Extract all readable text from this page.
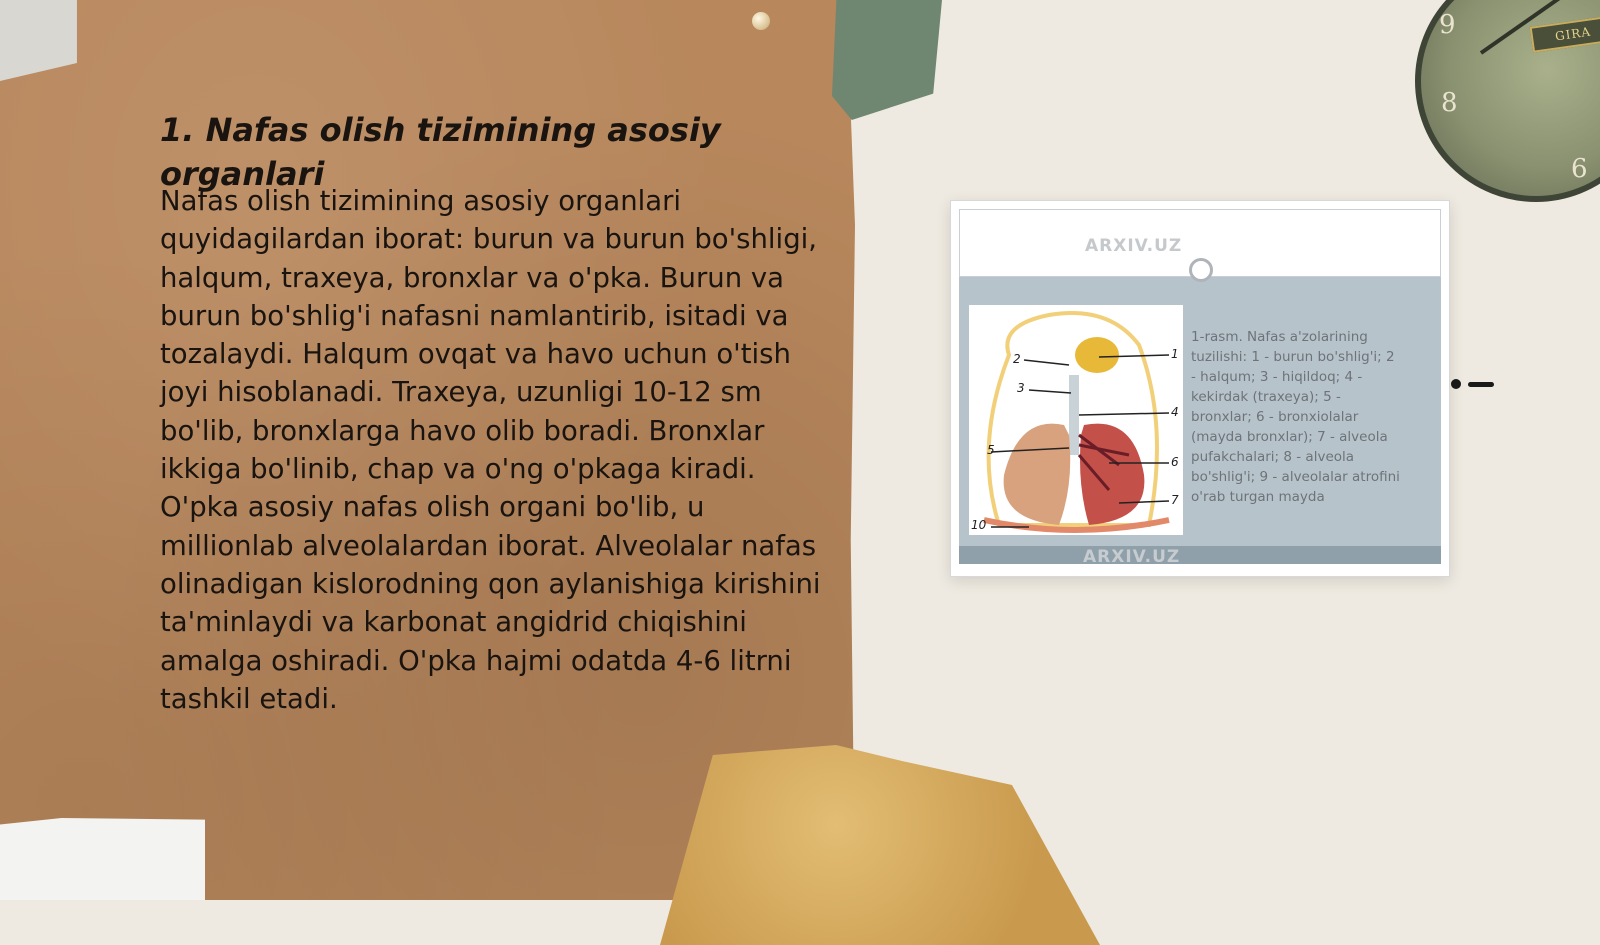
9
8
6
GIRA
1. Nafas olish tizimining asosiy organlari

Nafas olish tizimining asosiy organlari quyidagilardan iborat: burun va burun bo'shligi, halqum, traxeya, bronxlar va o'pka. Burun va burun bo'shlig'i nafasni namlantirib, isitadi va tozalaydi. Halqum ovqat va havo uchun o'tish joyi hisoblanadi. Traxeya, uzunligi 10-12 sm bo'lib, bronxlarga havo olib boradi. Bronxlar ikkiga bo'linib, chap va o'ng o'pkaga kiradi. O'pka asosiy nafas olish organi bo'lib, u millionlab alveolalardan iborat. Alveolalar nafas olinadigan kislorodning qon aylanishiga kirishini ta'minlaydi va karbonat angidrid chiqishini amalga oshiradi. O'pka hajmi odatda 4-6 litrni tashkil etadi.

ARXIV.UZ
1
2
3
4
5
6
7
10

1-rasm. Nafas a'zolarining tuzilishi: 1 - burun bo'shlig'i; 2 - halqum; 3 - hiqildoq; 4 - kekirdak (traxeya); 5 - bronxlar; 6 - bronxiolalar (mayda bronxlar); 7 - alveola pufakchalari; 8 - alveola bo'shlig'i; 9 - alveolalar atrofini o'rab turgan mayda

ARXIV.UZ
